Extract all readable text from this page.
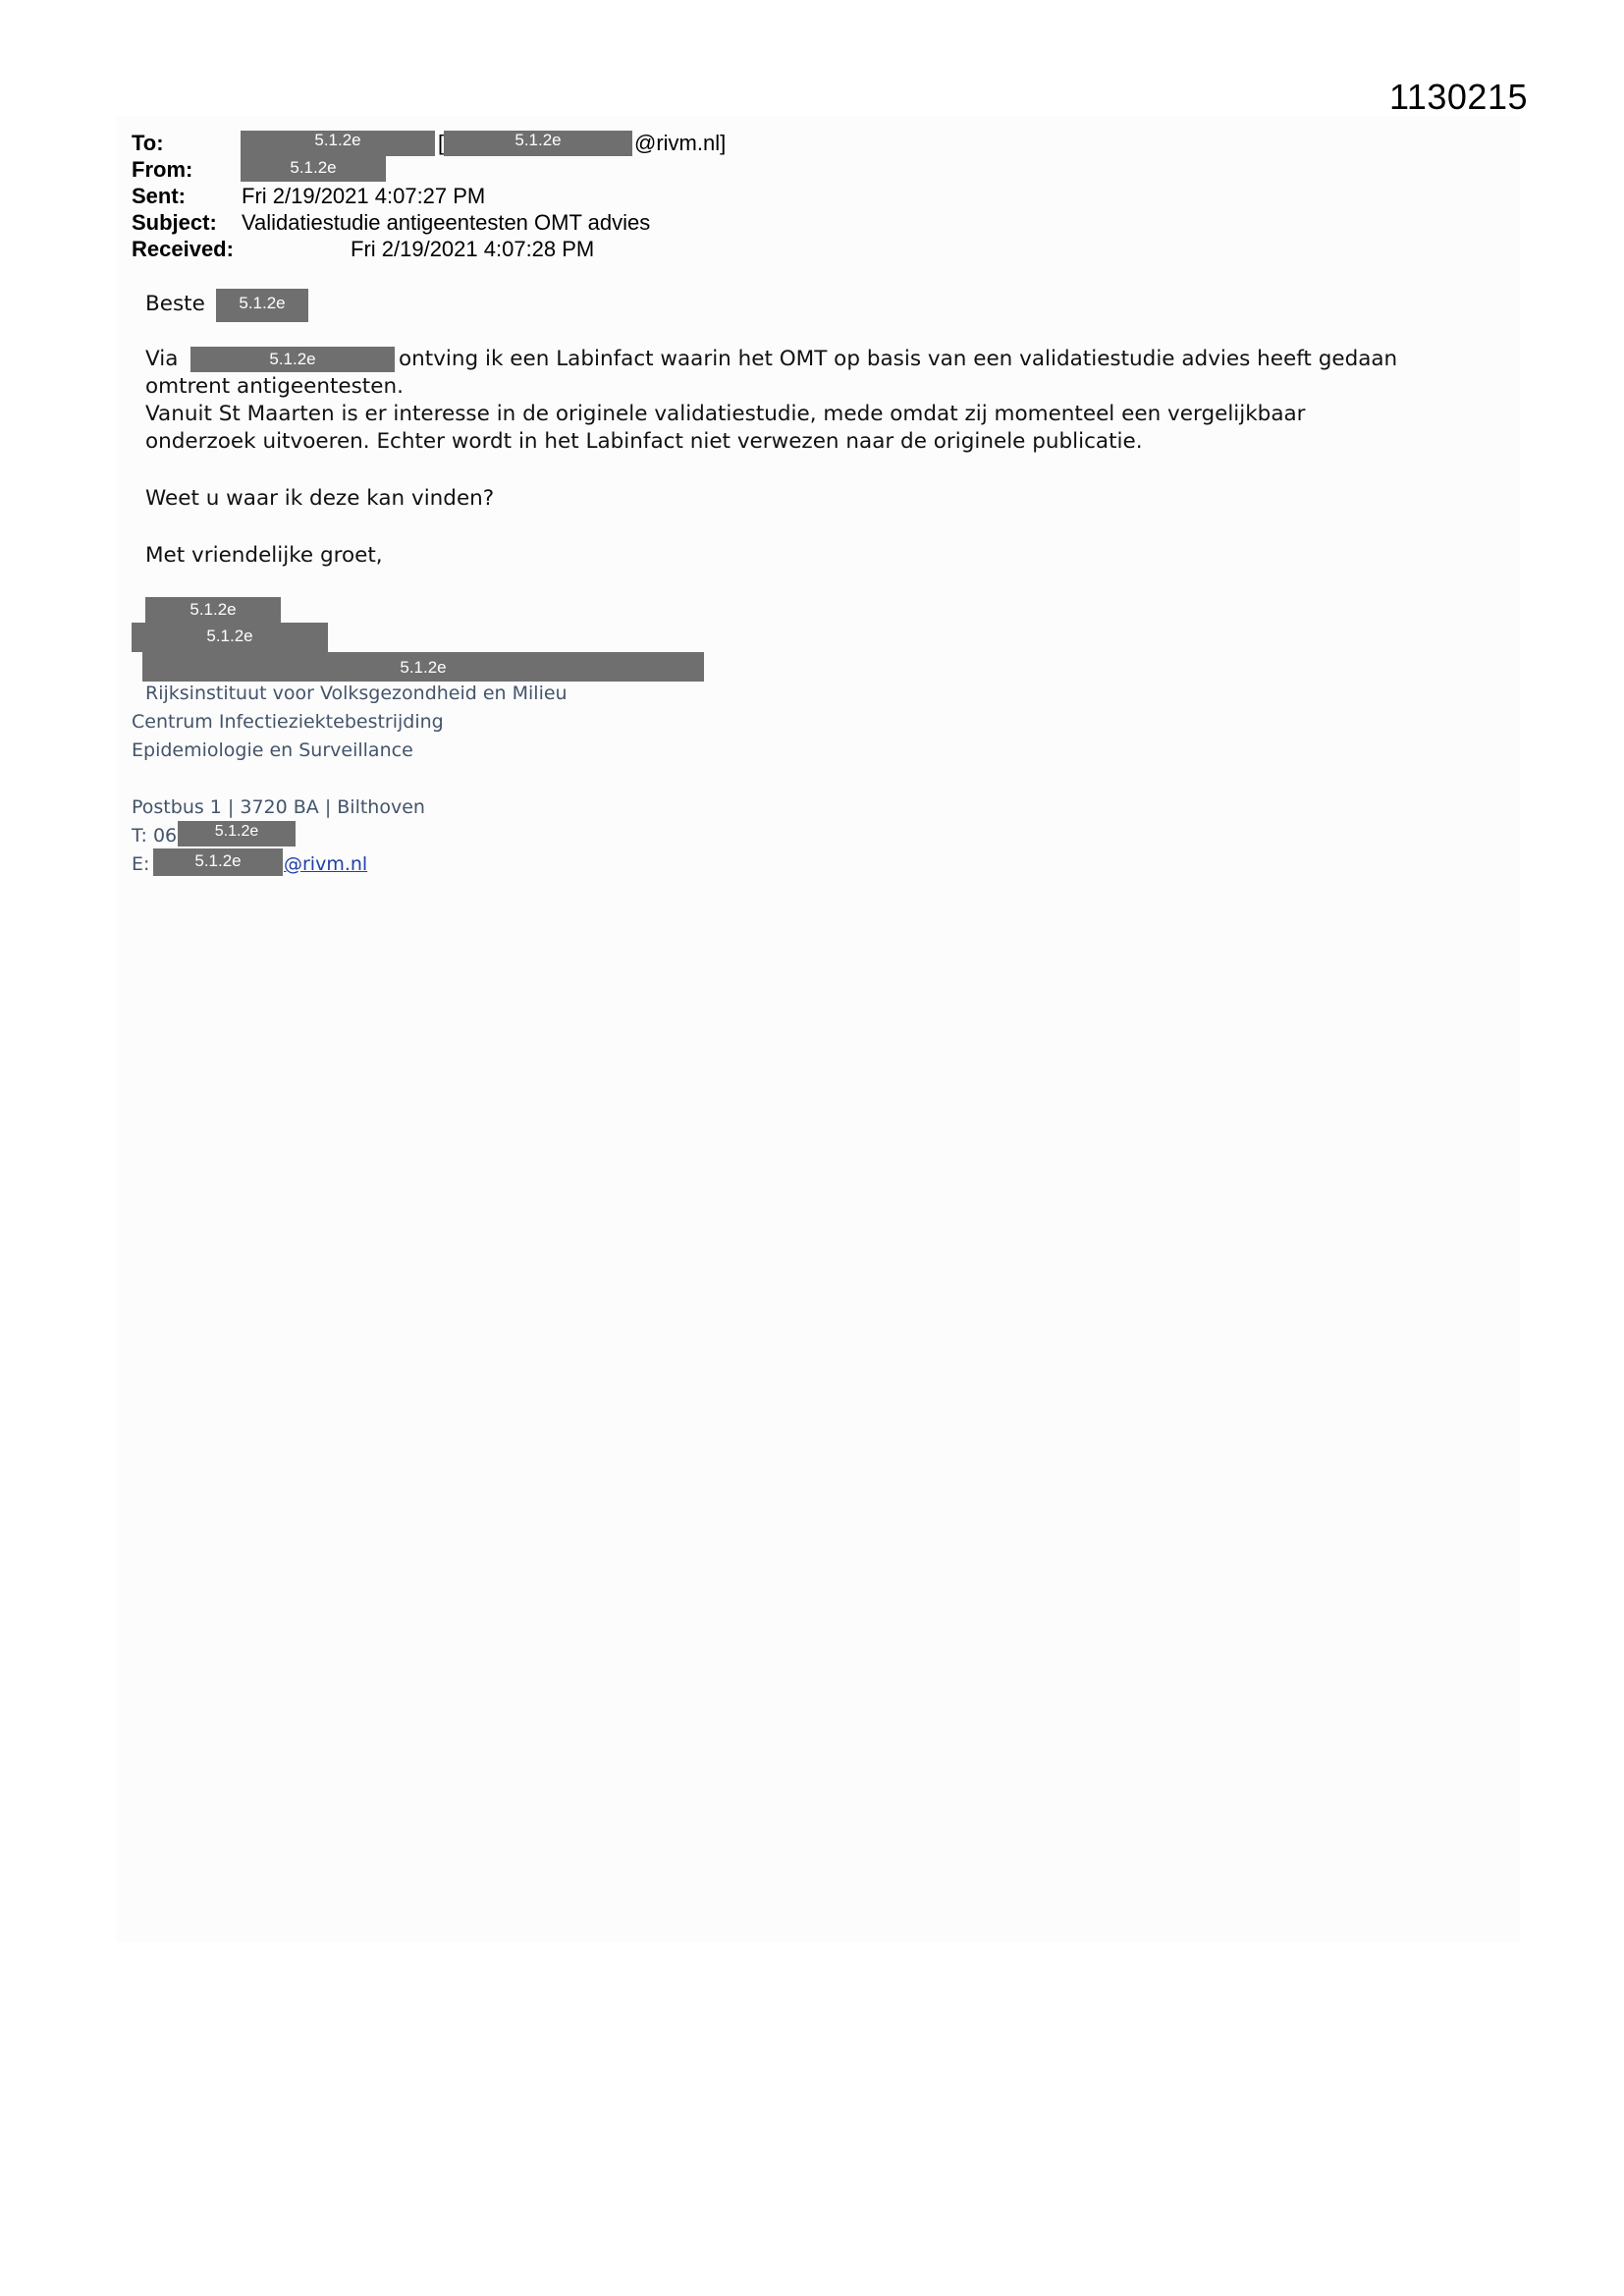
1130215
To:	5.1.2e	[	5.1.2e	@rivm.nl]
From:	5.1.2e
Sent:	Fri 2/19/2021 4:07:27 PM
Subject: Validatiestudie antigeentesten OMT advies
Received:	Fri 2/19/2021 4:07:28 PM
Beste	5.1.2e
Via	5.1.2e	ontving ik een Labinfact waarin het OMT op basis van een validatiestudie advies heeft gedaan
omtrent antigeentesten.
Vanuit St Maarten is er interesse in de originele validatiestudie, mede omdat zij momenteel een vergelijkbaar
onderzoek uitvoeren. Echter wordt in het Labinfact niet verwezen naar de originele publicatie.
Weet u waar ik deze kan vinden?
Met vriendelijke groet,
5.1.2e
5.1.2e
5.1.2e
Rijksinstituut voor Volksgezondheid en Milieu
Centrum Infectieziektebestrijding
Epidemiologie en Surveillance
Postbus 1 | 3720 BA | Bilthoven
T: 06	5.1.2e
E:	5.1.2e	@rivm.nl
